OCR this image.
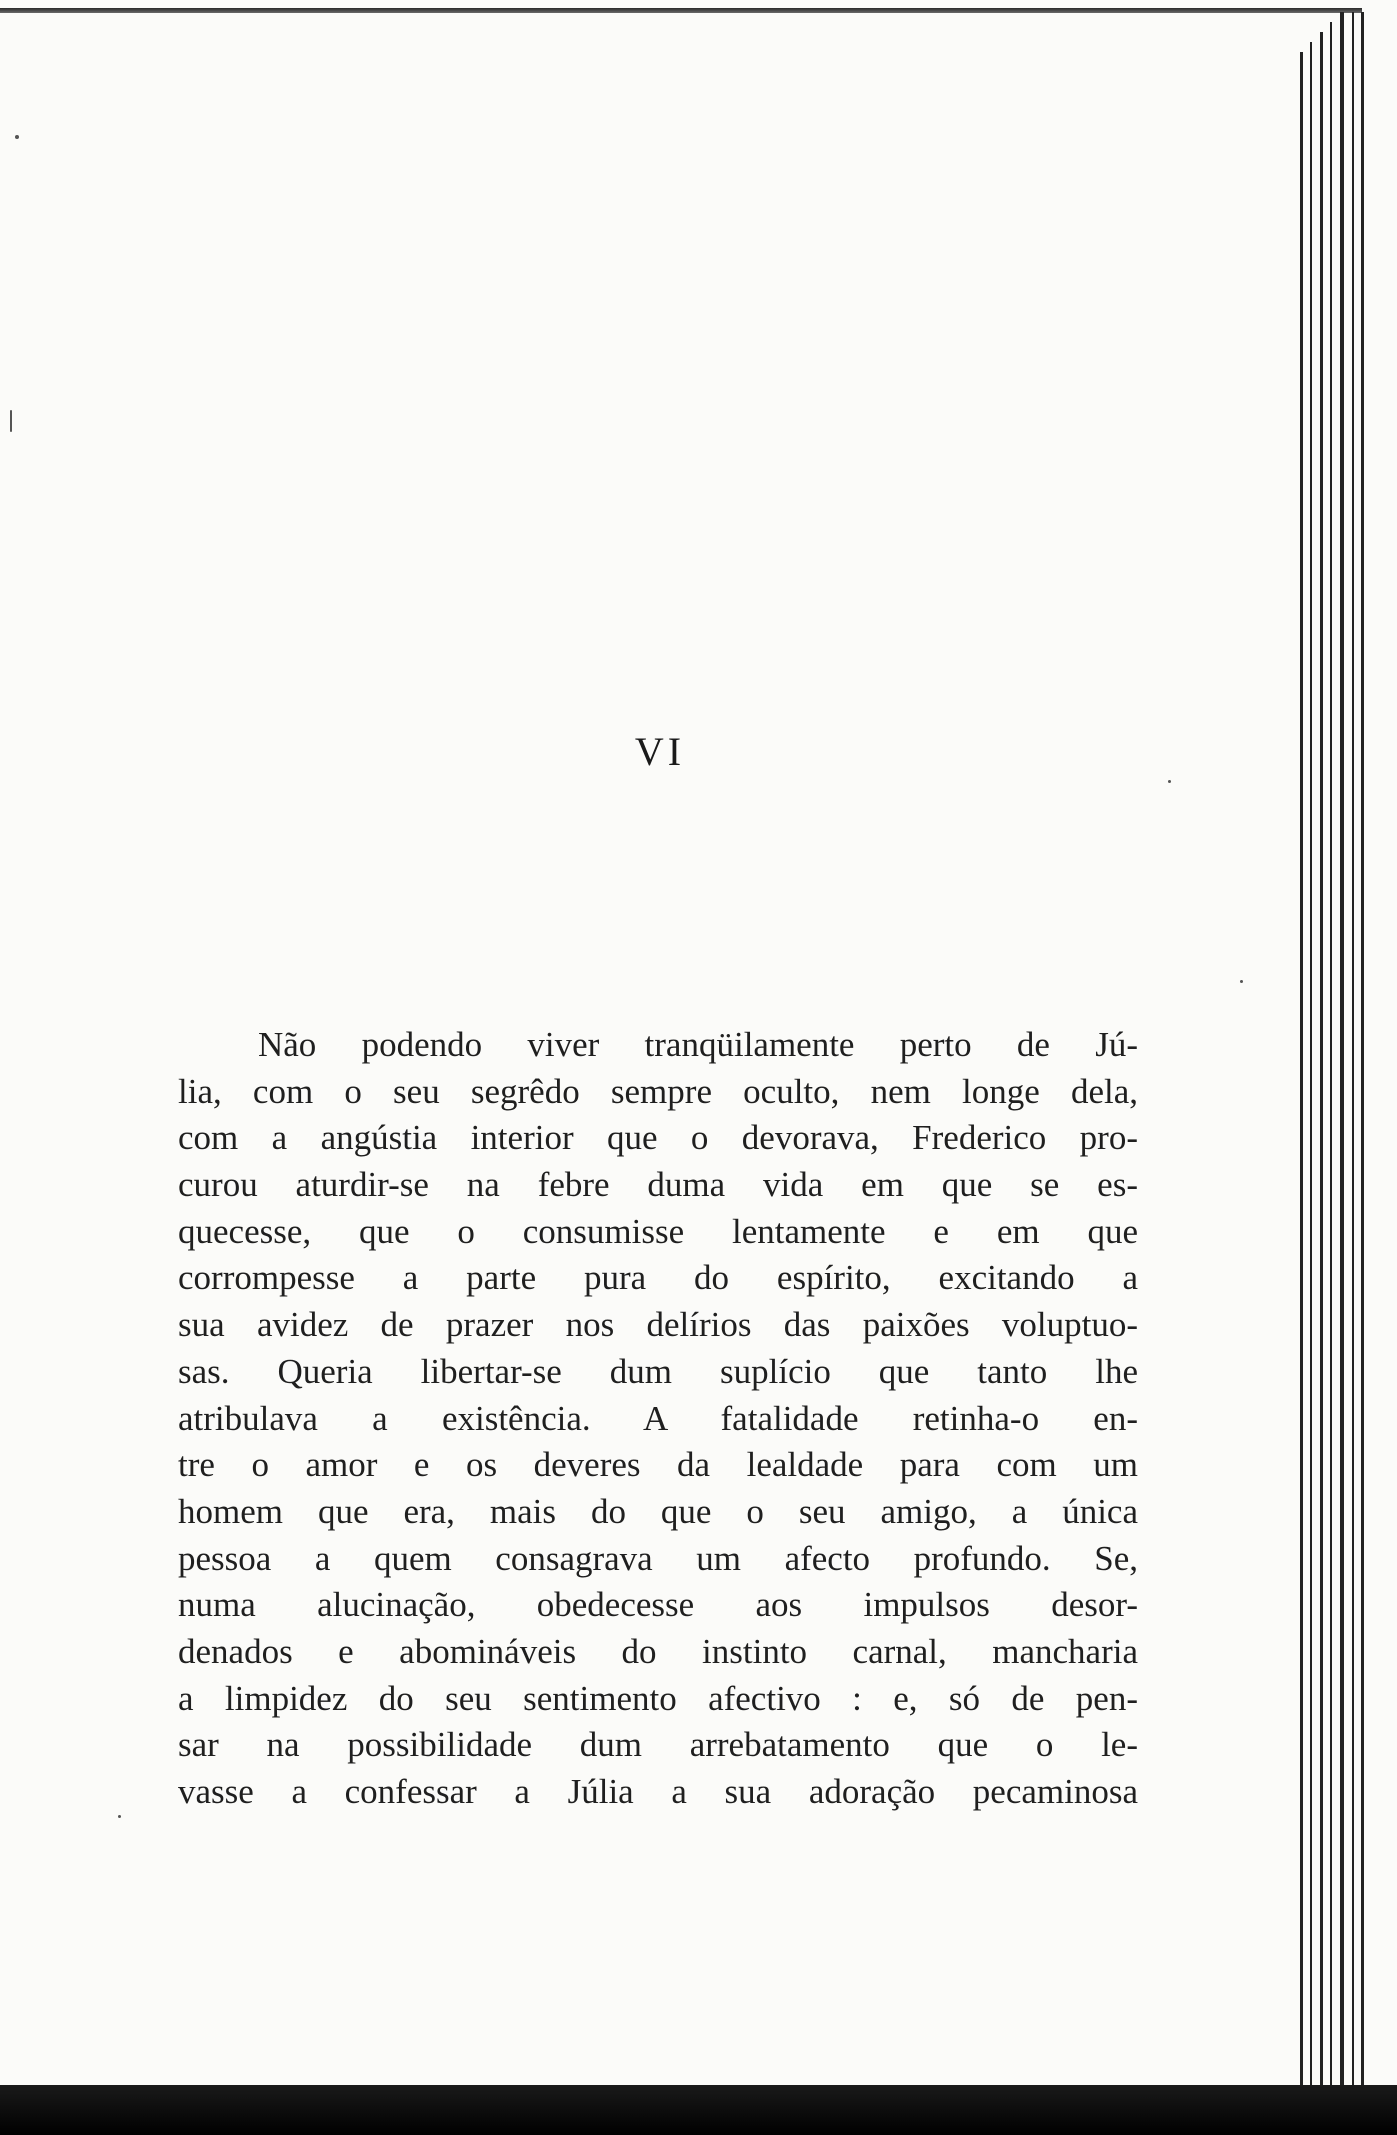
VI
Não podendo viver tranqüilamente perto de Jú-
lia, com o seu segrêdo sempre oculto, nem longe dela,
com a angústia interior que o devorava, Frederico pro-
curou aturdir-se na febre duma vida em que se es-
quecesse, que o consumisse lentamente e em que
corrompesse a parte pura do espírito, excitando a
sua avidez de prazer nos delírios das paixões voluptuo-
sas. Queria libertar-se dum suplício que tanto lhe
atribulava a existência. A fatalidade retinha-o en-
tre o amor e os deveres da lealdade para com um
homem que era, mais do que o seu amigo, a única
pessoa a quem consagrava um afecto profundo. Se,
numa alucinação, obedecesse aos impulsos desor-
denados e abomináveis do instinto carnal, mancharia
a limpidez do seu sentimento afectivo : e, só de pen-
sar na possibilidade dum arrebatamento que o le-
vasse a confessar a Júlia a sua adoração pecaminosa
